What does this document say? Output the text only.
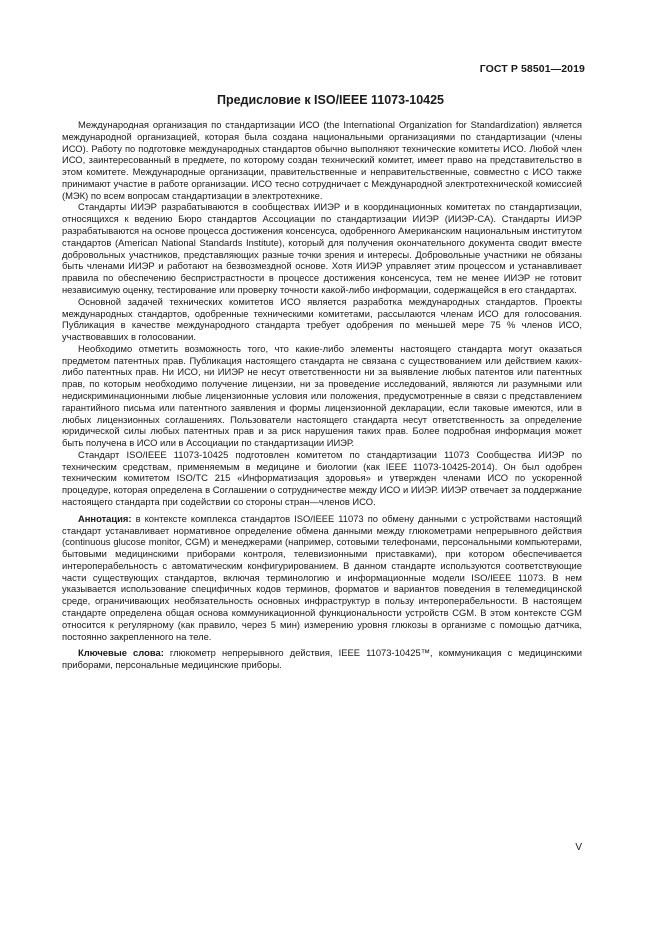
ГОСТ Р 58501—2019
Предисловие к ISO/IEEE 11073-10425

Международная организация по стандартизации ИСО (the International Organization for Standardization) является международной организацией, которая была создана национальными организациями по стандартизации (члены ИСО). Работу по подготовке международных стандартов обычно выполняют технические комитеты ИСО. Любой член ИСО, заинтересованный в предмете, по которому создан технический комитет, имеет право на представительство в этом комитете. Международные организации, правительственные и неправительственные, совместно с ИСО также принимают участие в работе организации. ИСО тесно сотрудничает с Международной электротехнической комиссией (МЭК) по всем вопросам стандартизации в электротехнике.

Стандарты ИИЭР разрабатываются в сообществах ИИЭР и в координационных комитетах по стандартизации, относящихся к ведению Бюро стандартов Ассоциации по стандартизации ИИЭР (ИИЭР-СА). Стандарты ИИЭР разрабатываются на основе процесса достижения консенсуса, одобренного Американским национальным институтом стандартов (American National Standards Institute), который для получения окончательного документа сводит вместе добровольных участников, представляющих разные точки зрения и интересы. Добровольные участники не обязаны быть членами ИИЭР и работают на безвозмездной основе. Хотя ИИЭР управляет этим процессом и устанавливает правила по обеспечению беспристрастности в процессе достижения консенсуса, тем не менее ИИЭР не готовит независимую оценку, тестирование или проверку точности какой-либо информации, содержащейся в его стандартах.

Основной задачей технических комитетов ИСО является разработка международных стандартов. Проекты международных стандартов, одобренные техническими комитетами, рассылаются членам ИСО для голосования. Публикация в качестве международного стандарта требует одобрения по меньшей мере 75 % членов ИСО, участвовавших в голосовании.

Необходимо отметить возможность того, что какие-либо элементы настоящего стандарта могут оказаться предметом патентных прав. Публикация настоящего стандарта не связана с существованием или действием каких-либо патентных прав. Ни ИСО, ни ИИЭР не несут ответственности ни за выявление любых патентов или патентных прав, по которым необходимо получение лицензии, ни за проведение исследований, являются ли разумными или недискриминационными любые лицензионные условия или положения, предусмотренные в связи с представлением гарантийного письма или патентного заявления и формы лицензионной декларации, если таковые имеются, или в любых лицензионных соглашениях. Пользователи настоящего стандарта несут ответственность за определение юридической силы любых патентных прав и за риск нарушения таких прав. Более подробная информация может быть получена в ИСО или в Ассоциации по стандартизации ИИЭР.

Стандарт ISO/IEEE 11073-10425 подготовлен комитетом по стандартизации 11073 Сообщества ИИЭР по техническим средствам, применяемым в медицине и биологии (как IEEE 11073-10425-2014). Он был одобрен техническим комитетом ISO/TC 215 «Информатизация здоровья» и утвержден членами ИСО по ускоренной процедуре, которая определена в Соглашении о сотрудничестве между ИСО и ИИЭР. ИИЭР отвечает за поддержание настоящего стандарта при содействии со стороны стран—членов ИСО.

Аннотация: в контексте комплекса стандартов ISO/IEEE 11073 по обмену данными с устройствами настоящий стандарт устанавливает нормативное определение обмена данными между глюкометрами непрерывного действия (continuous glucose monitor, CGM) и менеджерами (например, сотовыми телефонами, персональными компьютерами, бытовыми медицинскими приборами контроля, телевизионными приставками), при котором обеспечивается интероперабельность с автоматическим конфигурированием. В данном стандарте используются соответствующие части существующих стандартов, включая терминологию и информационные модели ISO/IEEE 11073. В нем указывается использование специфичных кодов терминов, форматов и вариантов поведения в телемедицинской среде, ограничивающих необязательность основных инфраструктур в пользу интероперабельности. В настоящем стандарте определена общая основа коммуникационной функциональности устройств CGM. В этом контексте CGM относится к регулярному (как правило, через 5 мин) измерению уровня глюкозы в организме с помощью датчика, постоянно закрепленного на теле.

Ключевые слова: глюкометр непрерывного действия, IEEE 11073-10425™, коммуникация с медицинскими приборами, персональные медицинские приборы.

V
